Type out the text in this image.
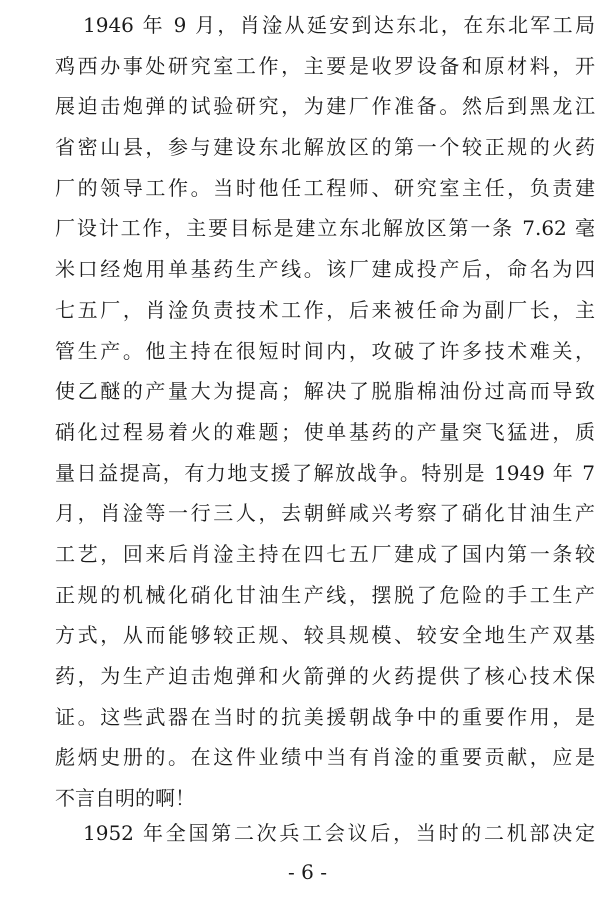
1946 年 9 月，肖淦从延安到达东北，在东北军工局
鸡西办事处研究室工作，主要是收罗设备和原材料，开
展迫击炮弹的试验研究，为建厂作准备。然后到黑龙江
省密山县，参与建设东北解放区的第一个较正规的火药
厂的领导工作。当时他任工程师、研究室主任，负责建
厂设计工作，主要目标是建立东北解放区第一条 7.62 毫
米口经炮用单基药生产线。该厂建成投产后，命名为四
七五厂，肖淦负责技术工作，后来被任命为副厂长，主
管生产。他主持在很短时间内，攻破了许多技术难关，
使乙醚的产量大为提高；解决了脱脂棉油份过高而导致
硝化过程易着火的难题；使单基药的产量突飞猛进，质
量日益提高，有力地支援了解放战争。特别是 1949 年 7
月，肖淦等一行三人，去朝鲜咸兴考察了硝化甘油生产
工艺，回来后肖淦主持在四七五厂建成了国内第一条较
正规的机械化硝化甘油生产线，摆脱了危险的手工生产
方式，从而能够较正规、较具规模、较安全地生产双基
药，为生产迫击炮弹和火箭弹的火药提供了核心技术保
证。这些武器在当时的抗美援朝战争中的重要作用，是
彪炳史册的。在这件业绩中当有肖淦的重要贡献，应是
不言自明的啊！
1952 年全国第二次兵工会议后，当时的二机部决定
- 6 -
